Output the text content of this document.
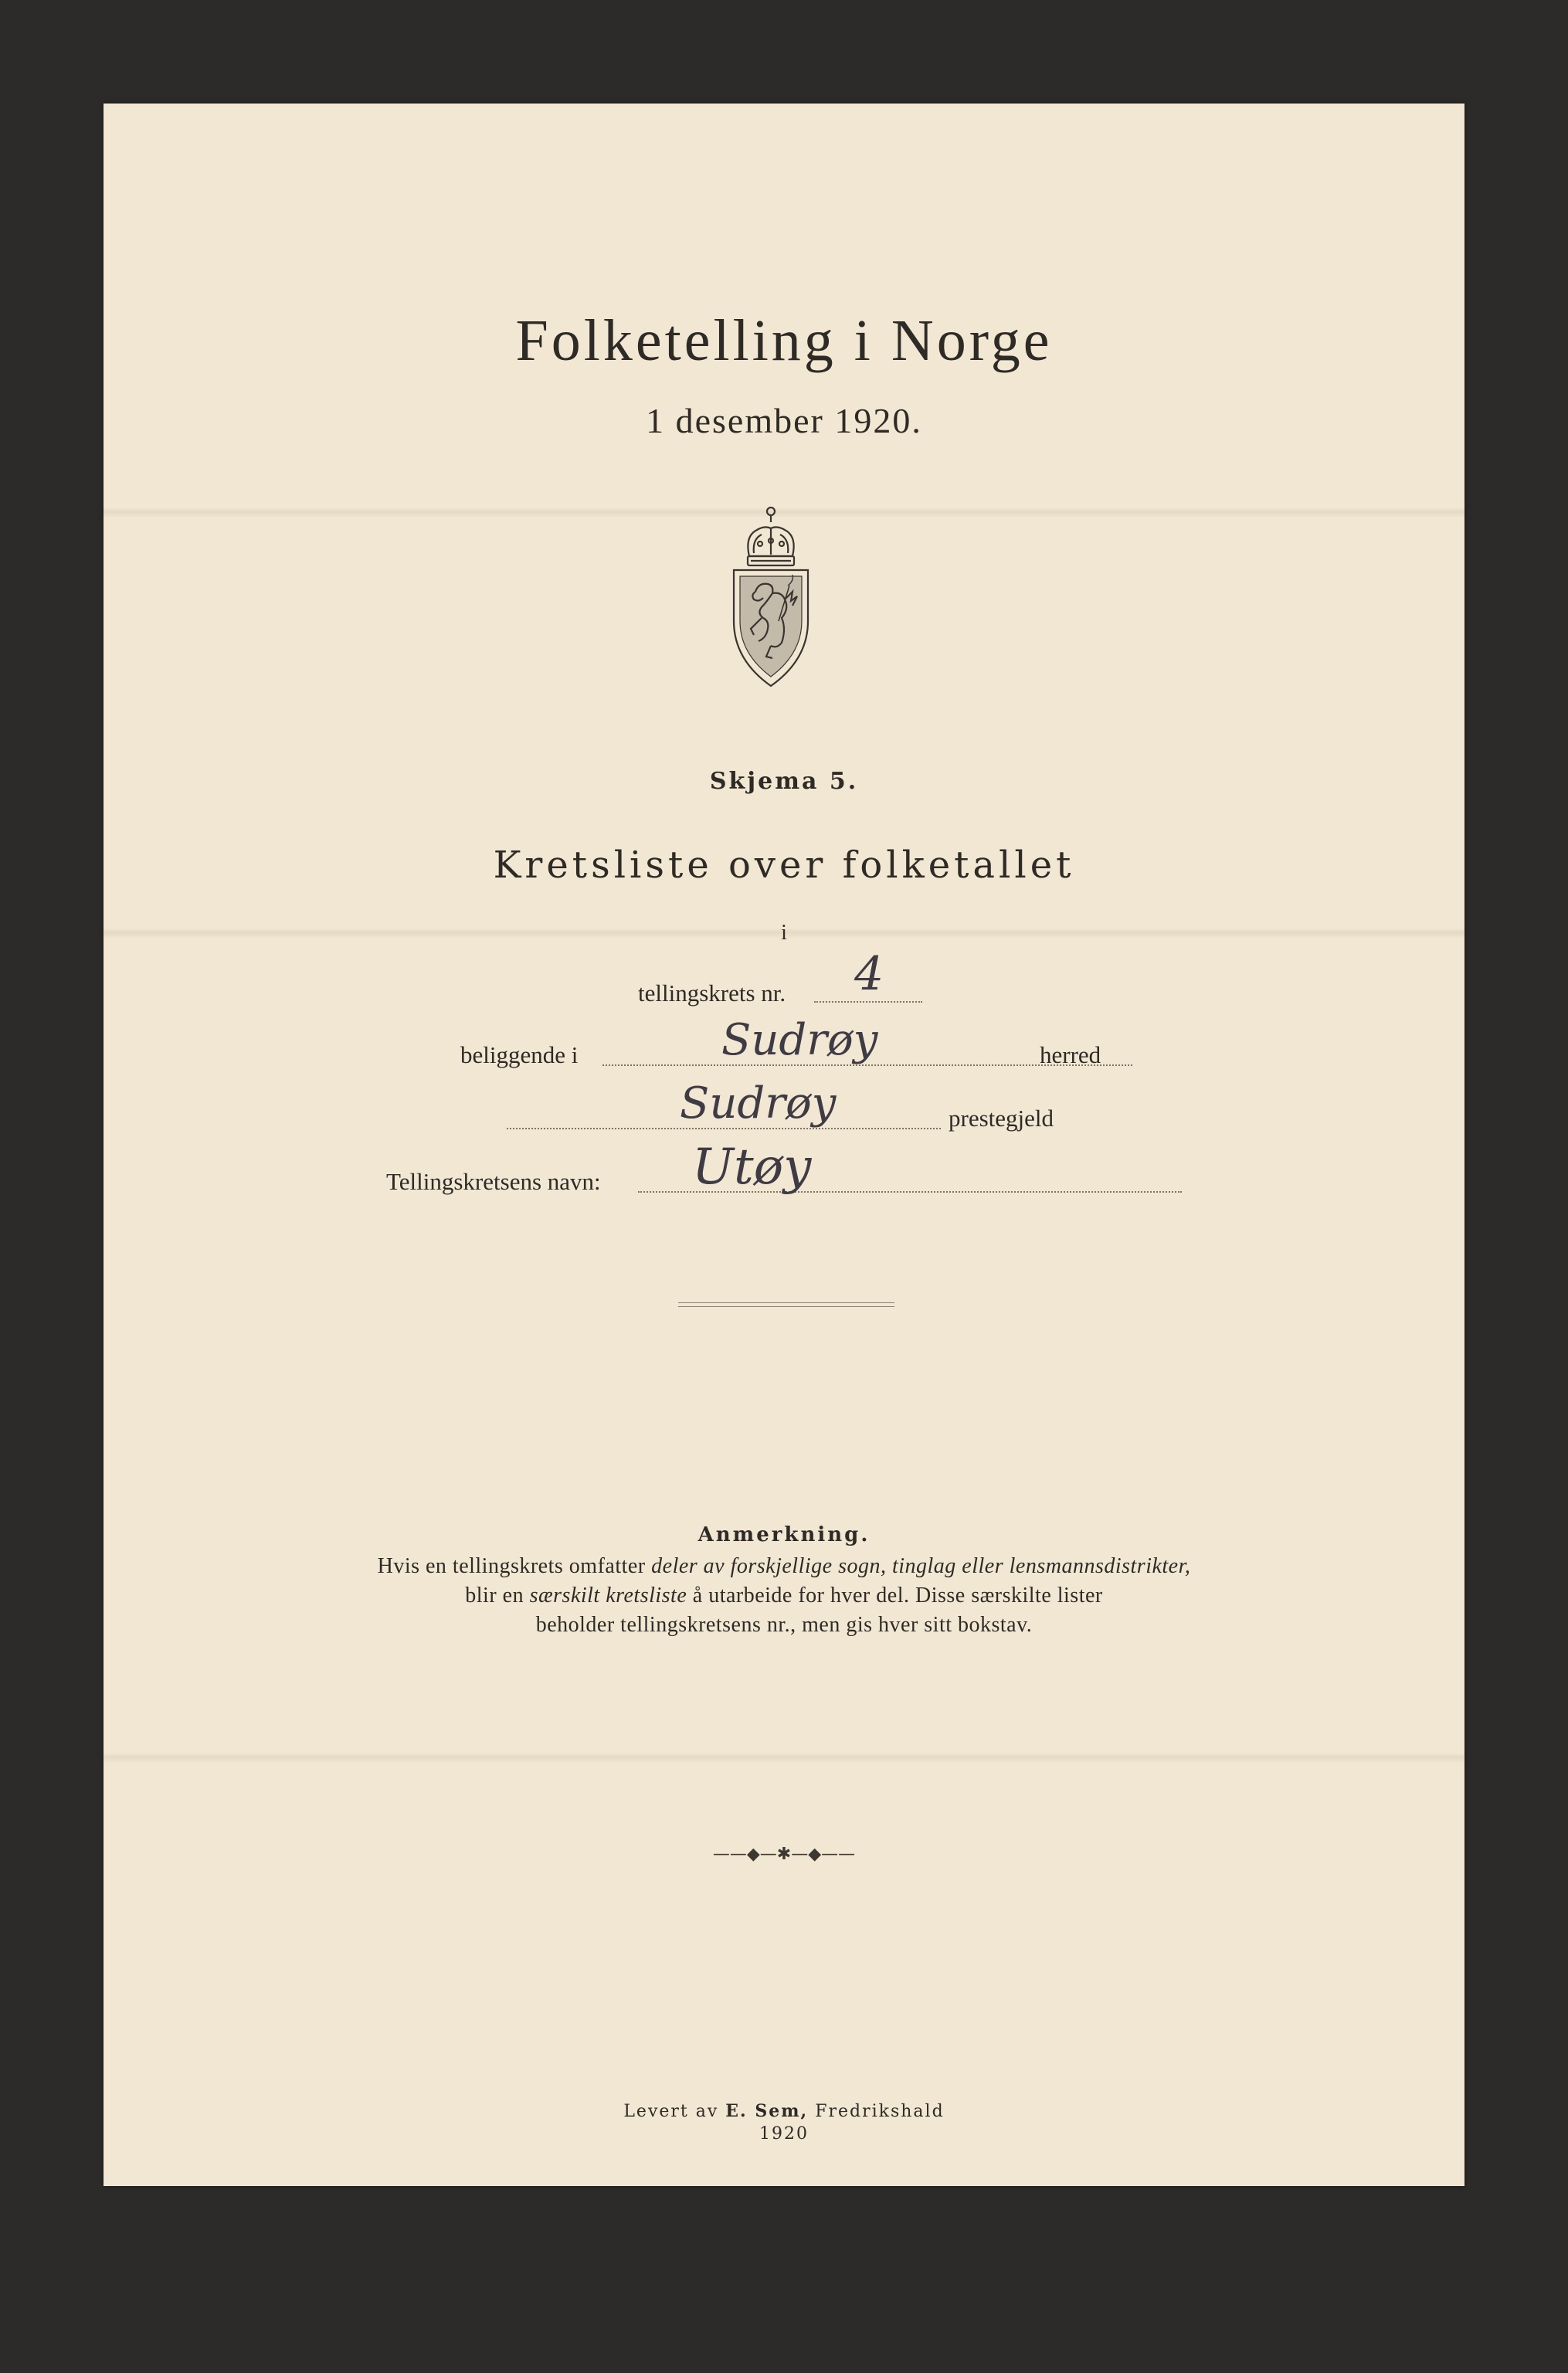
Folketelling i Norge
1 desember 1920.
Skjema 5.
Kretsliste over folketallet
i
tellingskrets nr. 4
beliggende i	Sudrøy	herred
Sudrøy	prestegjeld
Tellingskretsens navn: Utøy
Anmerkning.
Hvis en tellingskrets omfatter deler av forskjellige sogn, tinglag eller lensmannsdistrikter,
blir en særskilt kretsliste å utarbeide for hver del. Disse særskilte lister
beholder tellingskretsens nr., men gis hver sitt bokstav.
——◆—✱—◆——
Levert av E. Sem, Fredrikshald
1920
